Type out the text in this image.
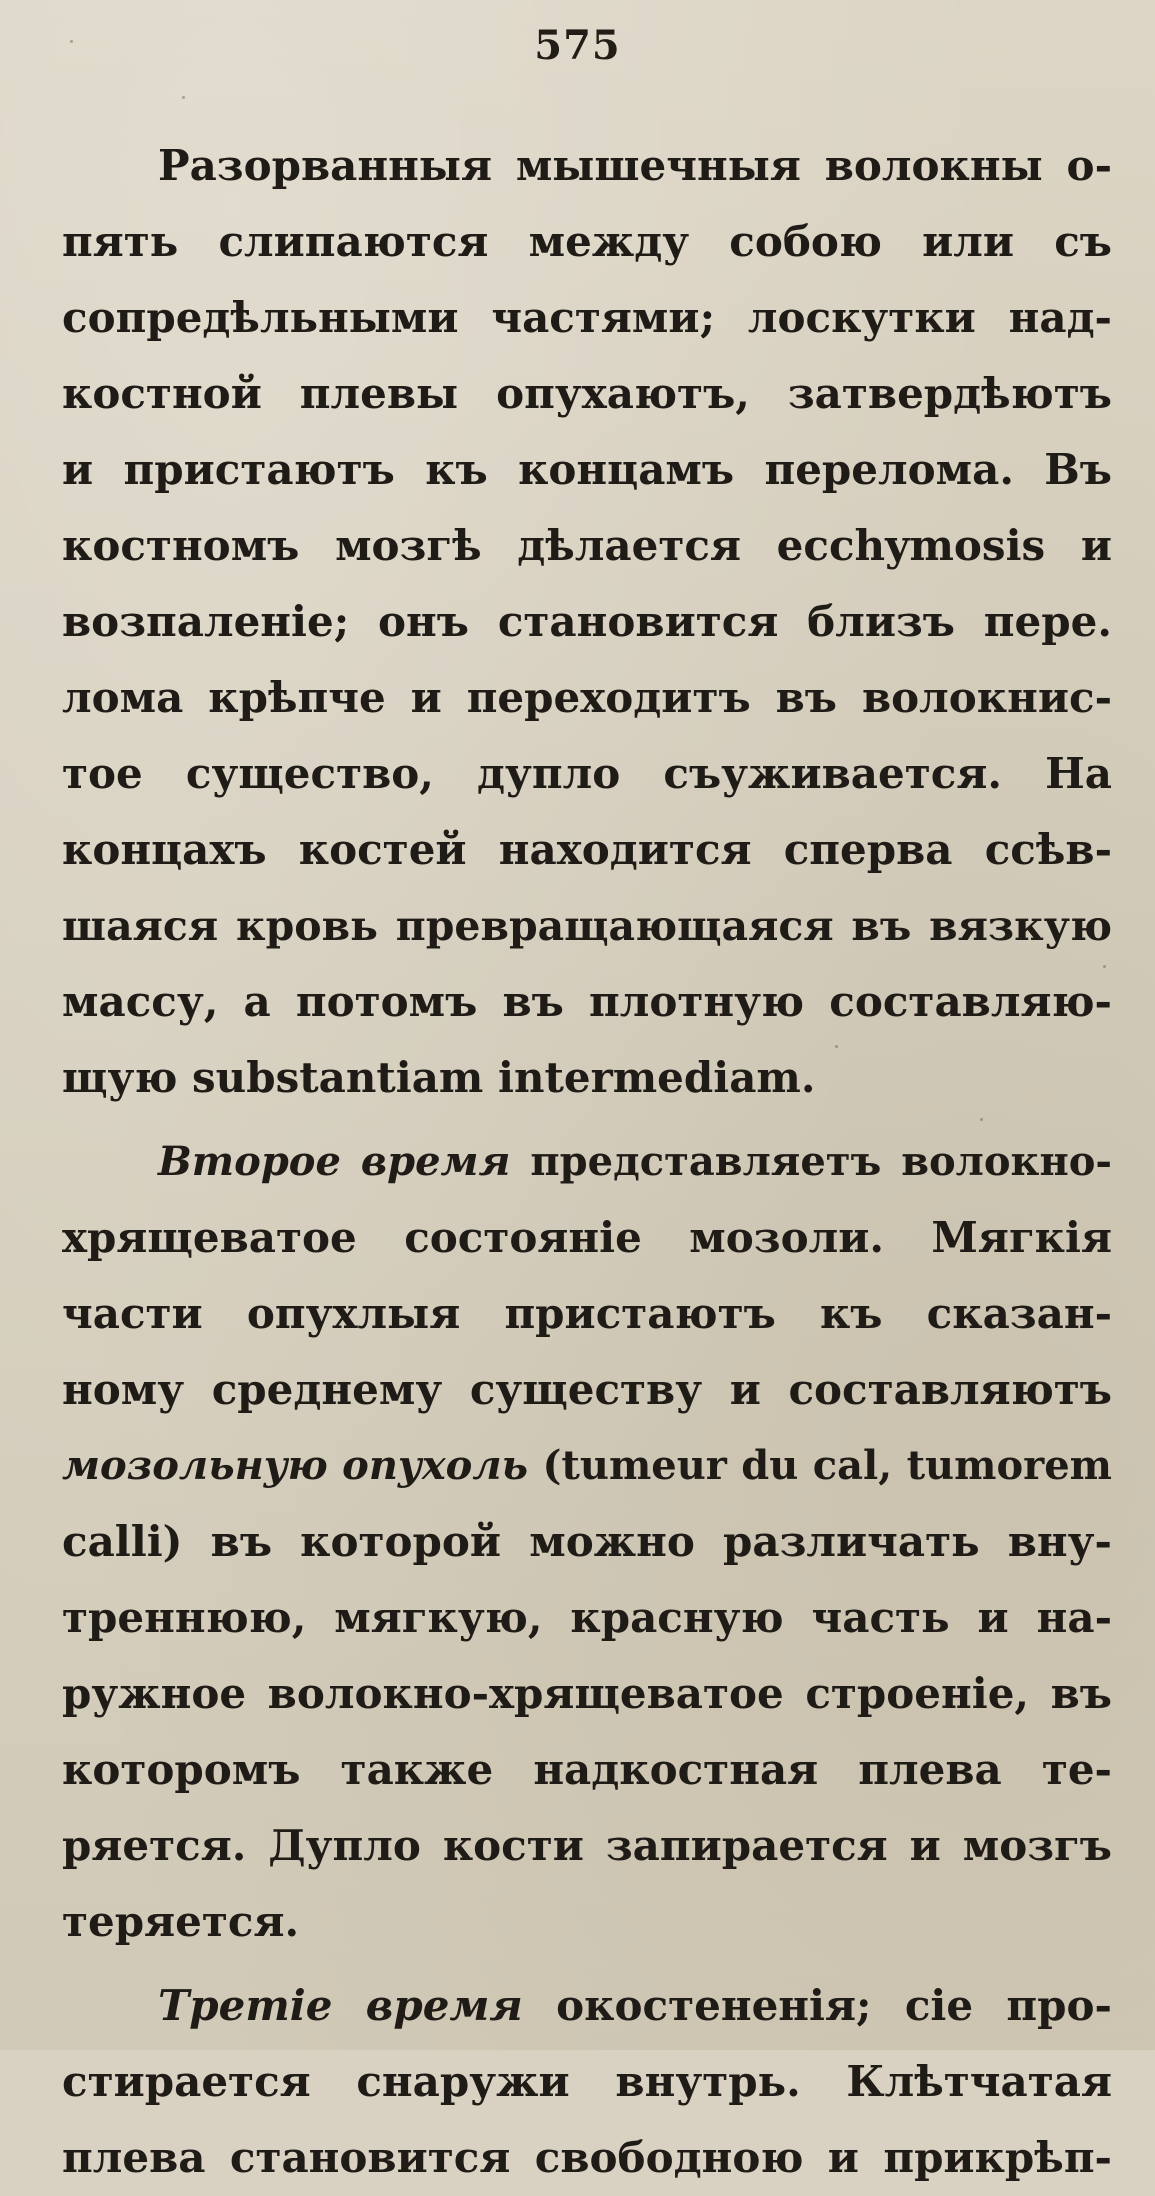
575
Разорванныя мышечныя волокны о-
пять слипаются между собою или съ
сопредѣльными частями; лоскутки над-
костной плевы опухаютъ, затвердѣютъ
и пристаютъ къ концамъ перелома. Въ
костномъ мозгѣ дѣлается ecchymosis и
возпаленіе; онъ становится близъ пере.
лома крѣпче и переходитъ въ волокнис-
тое существо, дупло съуживается. На
концахъ костей находится сперва ссѣв-
шаяся кровь превращающаяся въ вязкую
массу, а потомъ въ плотную составляю-
щую substantiam intermediam.
Второе время представляетъ волокно-
хрящеватое состояніе мозоли. Мягкія
части опухлыя пристаютъ къ сказан-
ному среднему существу и составляютъ
мозольную опухоль (tumeur du cal, tumorem
calli) въ которой можно различать вну-
треннюю, мягкую, красную часть и на-
ружное волокно-хрящеватое строеніе, въ
которомъ также надкостная плева те-
ряется. Дупло кости запирается и мозгъ
теряется.
Третіе время окостененія; сіе про-
стирается снаружи внутрь. Клѣтчатая
плева становится свободною и прикрѣп-
